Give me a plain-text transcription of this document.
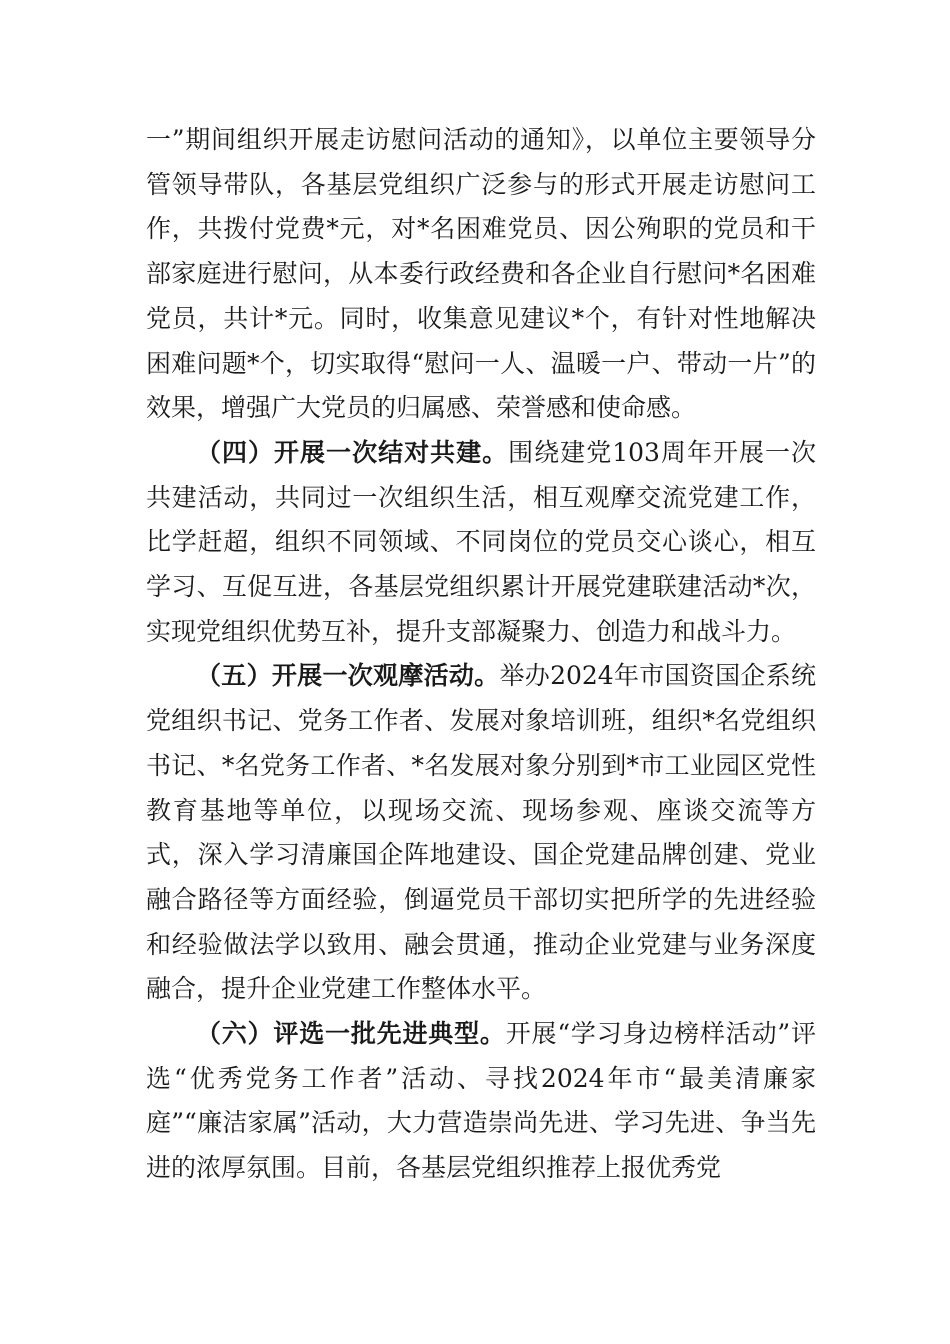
一”期间组织开展走访慰问活动的通知》，以单位主要领导分管领导带队，各基层党组织广泛参与的形式开展走访慰问工作，共拨付党费*元，对*名困难党员、因公殉职的党员和干部家庭进行慰问，从本委行政经费和各企业自行慰问*名困难党员，共计*元。同时，收集意见建议*个，有针对性地解决困难问题*个，切实取得“慰问一人、温暖一户、带动一片”的效果，增强广大党员的归属感、荣誉感和使命感。

（四）开展一次结对共建。围绕建党103周年开展一次共建活动，共同过一次组织生活，相互观摩交流党建工作，比学赶超，组织不同领域、不同岗位的党员交心谈心，相互学习、互促互进，各基层党组织累计开展党建联建活动*次，实现党组织优势互补，提升支部凝聚力、创造力和战斗力。

（五）开展一次观摩活动。举办2024年市国资国企系统党组织书记、党务工作者、发展对象培训班，组织*名党组织书记、*名党务工作者、*名发展对象分别到*市工业园区党性教育基地等单位，以现场交流、现场参观、座谈交流等方式，深入学习清廉国企阵地建设、国企党建品牌创建、党业融合路径等方面经验，倒逼党员干部切实把所学的先进经验和经验做法学以致用、融会贯通，推动企业党建与业务深度融合，提升企业党建工作整体水平。

（六）评选一批先进典型。开展“学习身边榜样活动”评选“优秀党务工作者”活动、寻找2024年市“最美清廉家庭”“廉洁家属”活动，大力营造崇尚先进、学习先进、争当先进的浓厚氛围。目前，各基层党组织推荐上报优秀党
